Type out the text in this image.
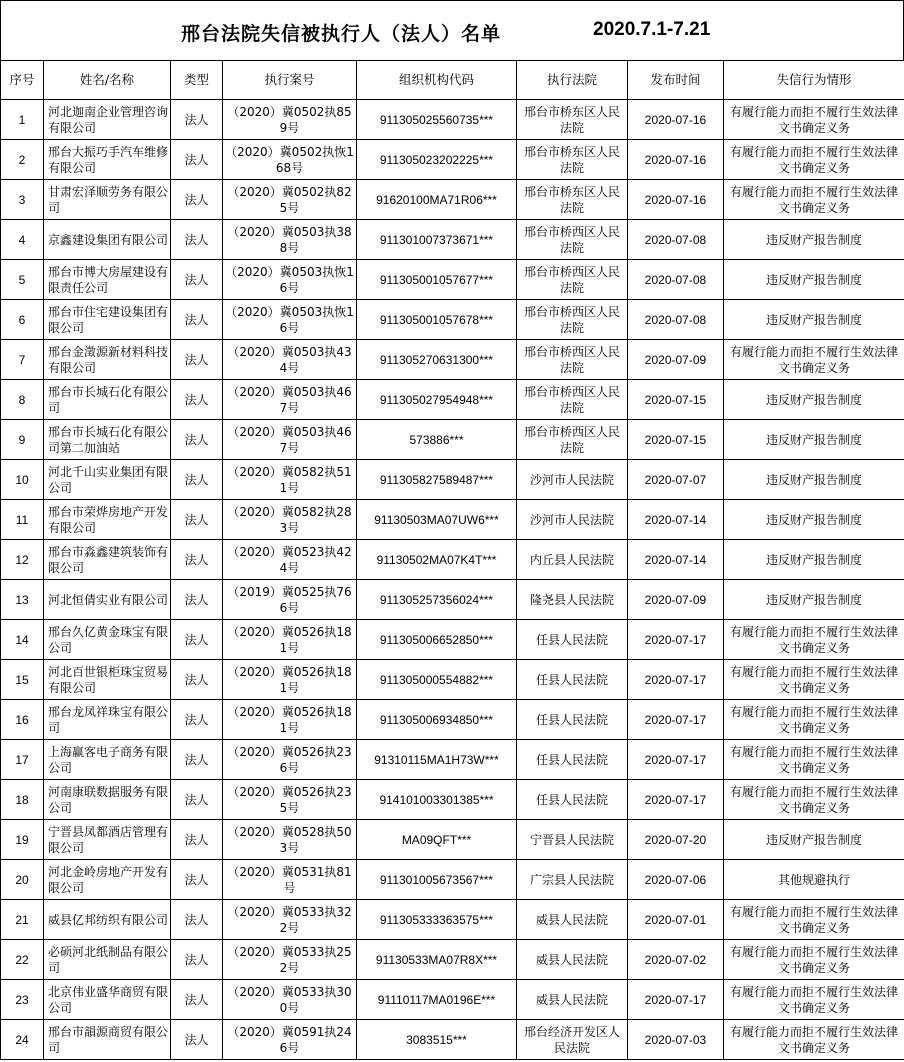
邢台法院失信被执行人（法人）名单	2020.7.1-7.21
序号	姓名/名称	类型	执行案号	组织机构代码	执行法院	发布时间	失信行为情形
1	河北迦南企业管理咨询有限公司	法人	（2020）冀0502执859号	911305025560735***	邢台市桥东区人民法院	2020-07-16	有履行能力而拒不履行生效法律文书确定义务
2	邢台大振巧手汽车维修有限公司	法人	（2020）冀0502执恢168号	911305023202225***	邢台市桥东区人民法院	2020-07-16	有履行能力而拒不履行生效法律文书确定义务
3	甘肃宏泽顺劳务有限公司	法人	（2020）冀0502执825号	91620100MA71R06***	邢台市桥东区人民法院	2020-07-16	有履行能力而拒不履行生效法律文书确定义务
4	京鑫建设集团有限公司	法人	（2020）冀0503执388号	911301007373671***	邢台市桥西区人民法院	2020-07-08	违反财产报告制度
5	邢台市博大房屋建设有限责任公司	法人	（2020）冀0503执恢16号	911305001057677***	邢台市桥西区人民法院	2020-07-08	违反财产报告制度
6	邢台市住宅建设集团有限公司	法人	（2020）冀0503执恢16号	911305001057678***	邢台市桥西区人民法院	2020-07-08	违反财产报告制度
7	邢台金澂源新材料科技有限公司	法人	（2020）冀0503执434号	911305270631300***	邢台市桥西区人民法院	2020-07-09	有履行能力而拒不履行生效法律文书确定义务
8	邢台市长城石化有限公司	法人	（2020）冀0503执467号	911305027954948***	邢台市桥西区人民法院	2020-07-15	违反财产报告制度
9	邢台市长城石化有限公司第二加油站	法人	（2020）冀0503执467号	573886***	邢台市桥西区人民法院	2020-07-15	违反财产报告制度
10	河北千山实业集团有限公司	法人	（2020）冀0582执511号	911305827589487***	沙河市人民法院	2020-07-07	违反财产报告制度
11	邢台市荣烨房地产开发有限公司	法人	（2020）冀0582执283号	91130503MA07UW6***	沙河市人民法院	2020-07-14	违反财产报告制度
12	邢台市淼鑫建筑装饰有限公司	法人	（2020）冀0523执424号	91130502MA07K4T***	内丘县人民法院	2020-07-14	违反财产报告制度
13	河北恒倩实业有限公司	法人	（2019）冀0525执766号	911305257356024***	隆尧县人民法院	2020-07-09	违反财产报告制度
14	邢台久亿黄金珠宝有限公司	法人	（2020）冀0526执181号	911305006652850***	任县人民法院	2020-07-17	有履行能力而拒不履行生效法律文书确定义务
15	河北百世银柜珠宝贸易有限公司	法人	（2020）冀0526执181号	911305000554882***	任县人民法院	2020-07-17	有履行能力而拒不履行生效法律文书确定义务
16	邢台龙凤祥珠宝有限公司	法人	（2020）冀0526执181号	911305006934850***	任县人民法院	2020-07-17	有履行能力而拒不履行生效法律文书确定义务
17	上海赢客电子商务有限公司	法人	（2020）冀0526执236号	91310115MA1H73W***	任县人民法院	2020-07-17	有履行能力而拒不履行生效法律文书确定义务
18	河南康联数据服务有限公司	法人	（2020）冀0526执235号	914101003301385***	任县人民法院	2020-07-17	有履行能力而拒不履行生效法律文书确定义务
19	宁晋县凤都酒店管理有限公司	法人	（2020）冀0528执503号	MA09QFT***	宁晋县人民法院	2020-07-20	违反财产报告制度
20	河北金岭房地产开发有限公司	法人	（2020）冀0531执81号	911301005673567***	广宗县人民法院	2020-07-06	其他规避执行
21	威县亿邦纺织有限公司	法人	（2020）冀0533执322号	911305333363575***	威县人民法院	2020-07-01	有履行能力而拒不履行生效法律文书确定义务
22	必硕河北纸制品有限公司	法人	（2020）冀0533执252号	91130533MA07R8X***	威县人民法院	2020-07-02	有履行能力而拒不履行生效法律文书确定义务
23	北京伟业盛华商贸有限公司	法人	（2020）冀0533执300号	91110117MA0196E***	威县人民法院	2020-07-17	有履行能力而拒不履行生效法律文书确定义务
24	邢台市韻源商贸有限公司	法人	（2020）冀0591执246号	3083515***	邢台经济开发区人民法院	2020-07-03	有履行能力而拒不履行生效法律文书确定义务
